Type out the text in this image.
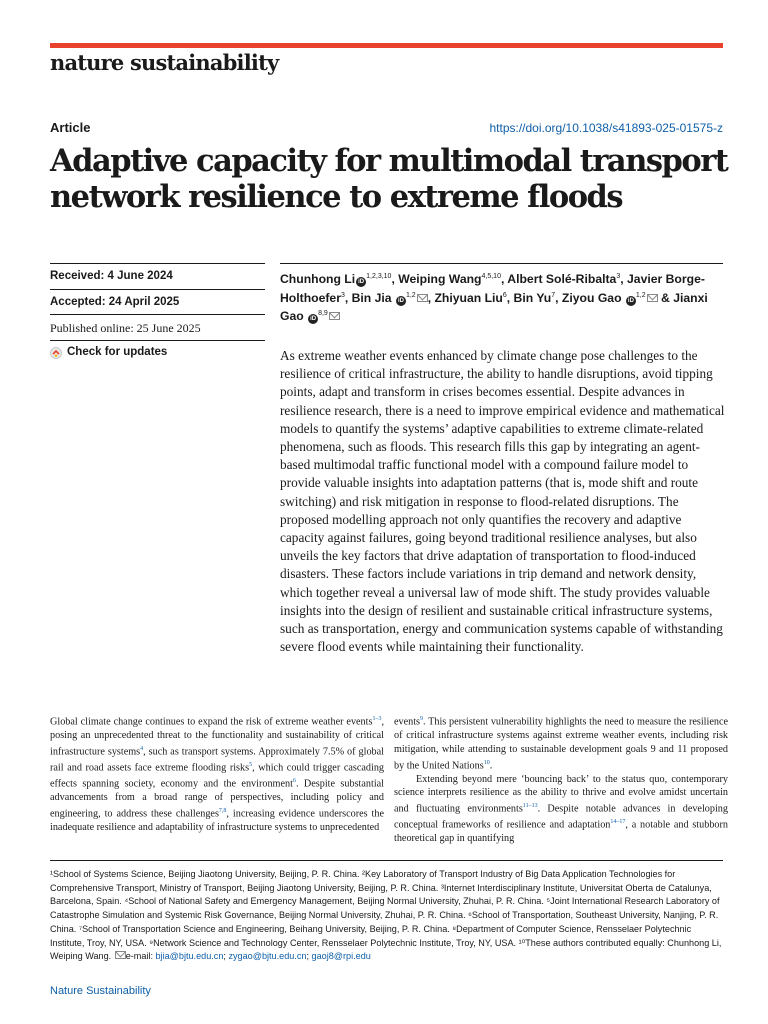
nature sustainability
Article	https://doi.org/10.1038/s41893-025-01575-z
Adaptive capacity for multimodal transport network resilience to extreme floods
Received: 4 June 2024
Accepted: 24 April 2025
Published online: 25 June 2025
Check for updates
Chunhong Li iD$^{1,2,3,10}$, Weiping Wang$^{4,5,10}$, Albert Solé-Ribalta$^3$, Javier Borge-Holthoefer$^3$, Bin Jia iD$^{1,2}$ , Zhiyuan Liu$^6$, Bin Yu$^7$, Ziyou Gao iD$^{1,2}$ & Jianxi Gao iD$^{8,9}$

As extreme weather events enhanced by climate change pose challenges to the resilience of critical infrastructure, the ability to handle disruptions, avoid tipping points, adapt and transform in crises becomes essential. Despite advances in resilience research, there is a need to improve empirical evidence and mathematical models to quantify the systems’ adaptive capabilities to extreme climate-related phenomena, such as floods. This research fills this gap by integrating an agent-based multimodal traffic functional model with a compound failure model to provide valuable insights into adaptation patterns (that is, mode shift and route switching) and risk mitigation in response to flood-related disruptions. The proposed modelling approach not only quantifies the recovery and adaptive capacity against failures, going beyond traditional resilience analyses, but also unveils the key factors that drive adaptation of transportation to flood-induced disasters. These factors include variations in trip demand and network density, which together reveal a universal law of mode shift. The study provides valuable insights into the design of resilient and sustainable critical infrastructure systems, such as transportation, energy and communication systems capable of withstanding severe flood events while maintaining their functionality.

Global climate change continues to expand the risk of extreme weather events$^{1-3}$, posing an unprecedented threat to the functionality and sustainability of critical infrastructure systems$^4$, such as transport systems. Approximately 7.5% of global rail and road assets face extreme flooding risks$^5$, which could trigger cascading effects spanning society, economy and the environment$^6$. Despite substantial advancements from a broad range of perspectives, including policy and engineering, to address these challenges$^{7,8}$, increasing evidence underscores the inadequate resilience and adaptability of infrastructure systems to unprecedented

events$^9$. This persistent vulnerability highlights the need to measure the resilience of critical infrastructure systems against extreme weather events, including risk mitigation, while attending to sustainable development goals 9 and 11 proposed by the United Nations$^{10}$.

Extending beyond mere ‘bouncing back’ to the status quo, contemporary science interprets resilience as the ability to thrive and evolve amidst uncertain and fluctuating environments$^{11-13}$. Despite notable advances in developing conceptual frameworks of resilience and adaptation$^{14-17}$, a notable and stubborn theoretical gap in quantifying

¹School of Systems Science, Beijing Jiaotong University, Beijing, P. R. China. ²Key Laboratory of Transport Industry of Big Data Application Technologies for Comprehensive Transport, Ministry of Transport, Beijing Jiaotong University, Beijing, P. R. China. ³Internet Interdisciplinary Institute, Universitat Oberta de Catalunya, Barcelona, Spain. ⁴School of National Safety and Emergency Management, Beijing Normal University, Zhuhai, P. R. China. ⁵Joint International Research Laboratory of Catastrophe Simulation and Systemic Risk Governance, Beijing Normal University, Zhuhai, P. R. China. ⁶School of Transportation, Southeast University, Nanjing, P. R. China. ⁷School of Transportation Science and Engineering, Beihang University, Beijing, P. R. China. ⁸Department of Computer Science, Rensselaer Polytechnic Institute, Troy, NY, USA. ⁹Network Science and Technology Center, Rensselaer Polytechnic Institute, Troy, NY, USA. ¹⁰These authors contributed equally: Chunhong Li, Weiping Wang. e-mail: bjia@bjtu.edu.cn; zygao@bjtu.edu.cn; gaoj8@rpi.edu
Nature Sustainability
